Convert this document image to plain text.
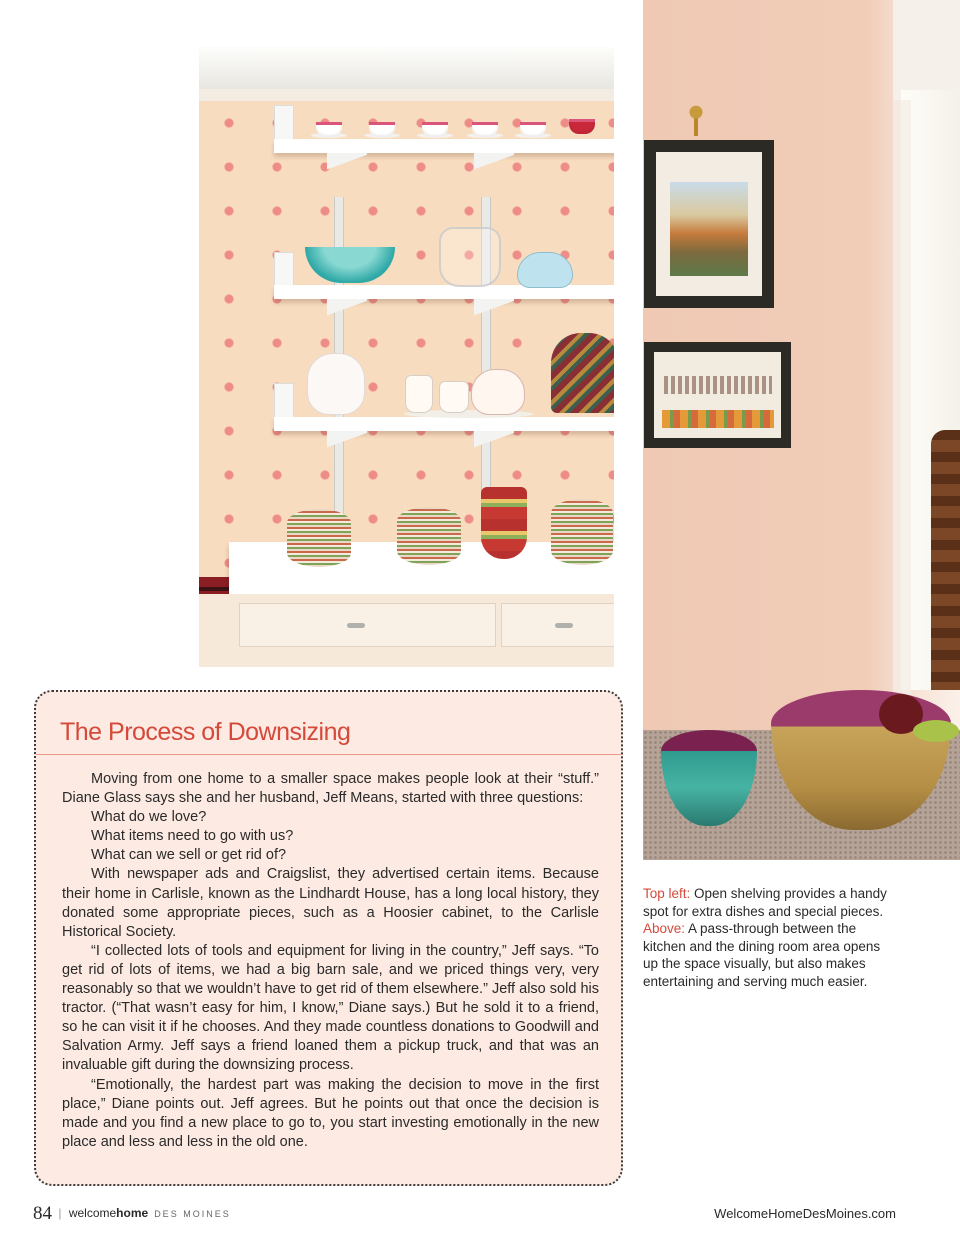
The Process of Downsizing

Moving from one home to a smaller space makes people look at their “stuff.” Diane Glass says she and her husband, Jeff Means, started with three questions:

What do we love?

What items need to go with us?

What can we sell or get rid of?

With newspaper ads and Craigslist, they advertised certain items. Because their home in Carlisle, known as the Lindhardt House, has a long local history, they donated some appropriate pieces, such as a Hoosier cabinet, to the Carlisle Historical Society.

“I collected lots of tools and equipment for living in the country,” Jeff says. “To get rid of lots of items, we had a big barn sale, and we priced things very, very reasonably so that we wouldn’t have to get rid of them elsewhere.” Jeff also sold his tractor. (“That wasn’t easy for him, I know,” Diane says.) But he sold it to a friend, so he can visit it if he chooses. And they made countless donations to Goodwill and Salvation Army. Jeff says a friend loaned them a pickup truck, and that was an invaluable gift during the downsizing process.

“Emotionally, the hardest part was making the decision to move in the first place,” Diane points out. Jeff agrees. But he points out that once the decision is made and you find a new place to go to, you start investing emotionally in the new place and less and less in the old one.

Top left: Open shelving provides a handy spot for extra dishes and special pieces. Above: A pass-through between the kitchen and the dining room area opens up the space visually, but also makes entertaining and serving much easier.
84 | welcomehome DES MOINES	WelcomeHomeDesMoines.com
